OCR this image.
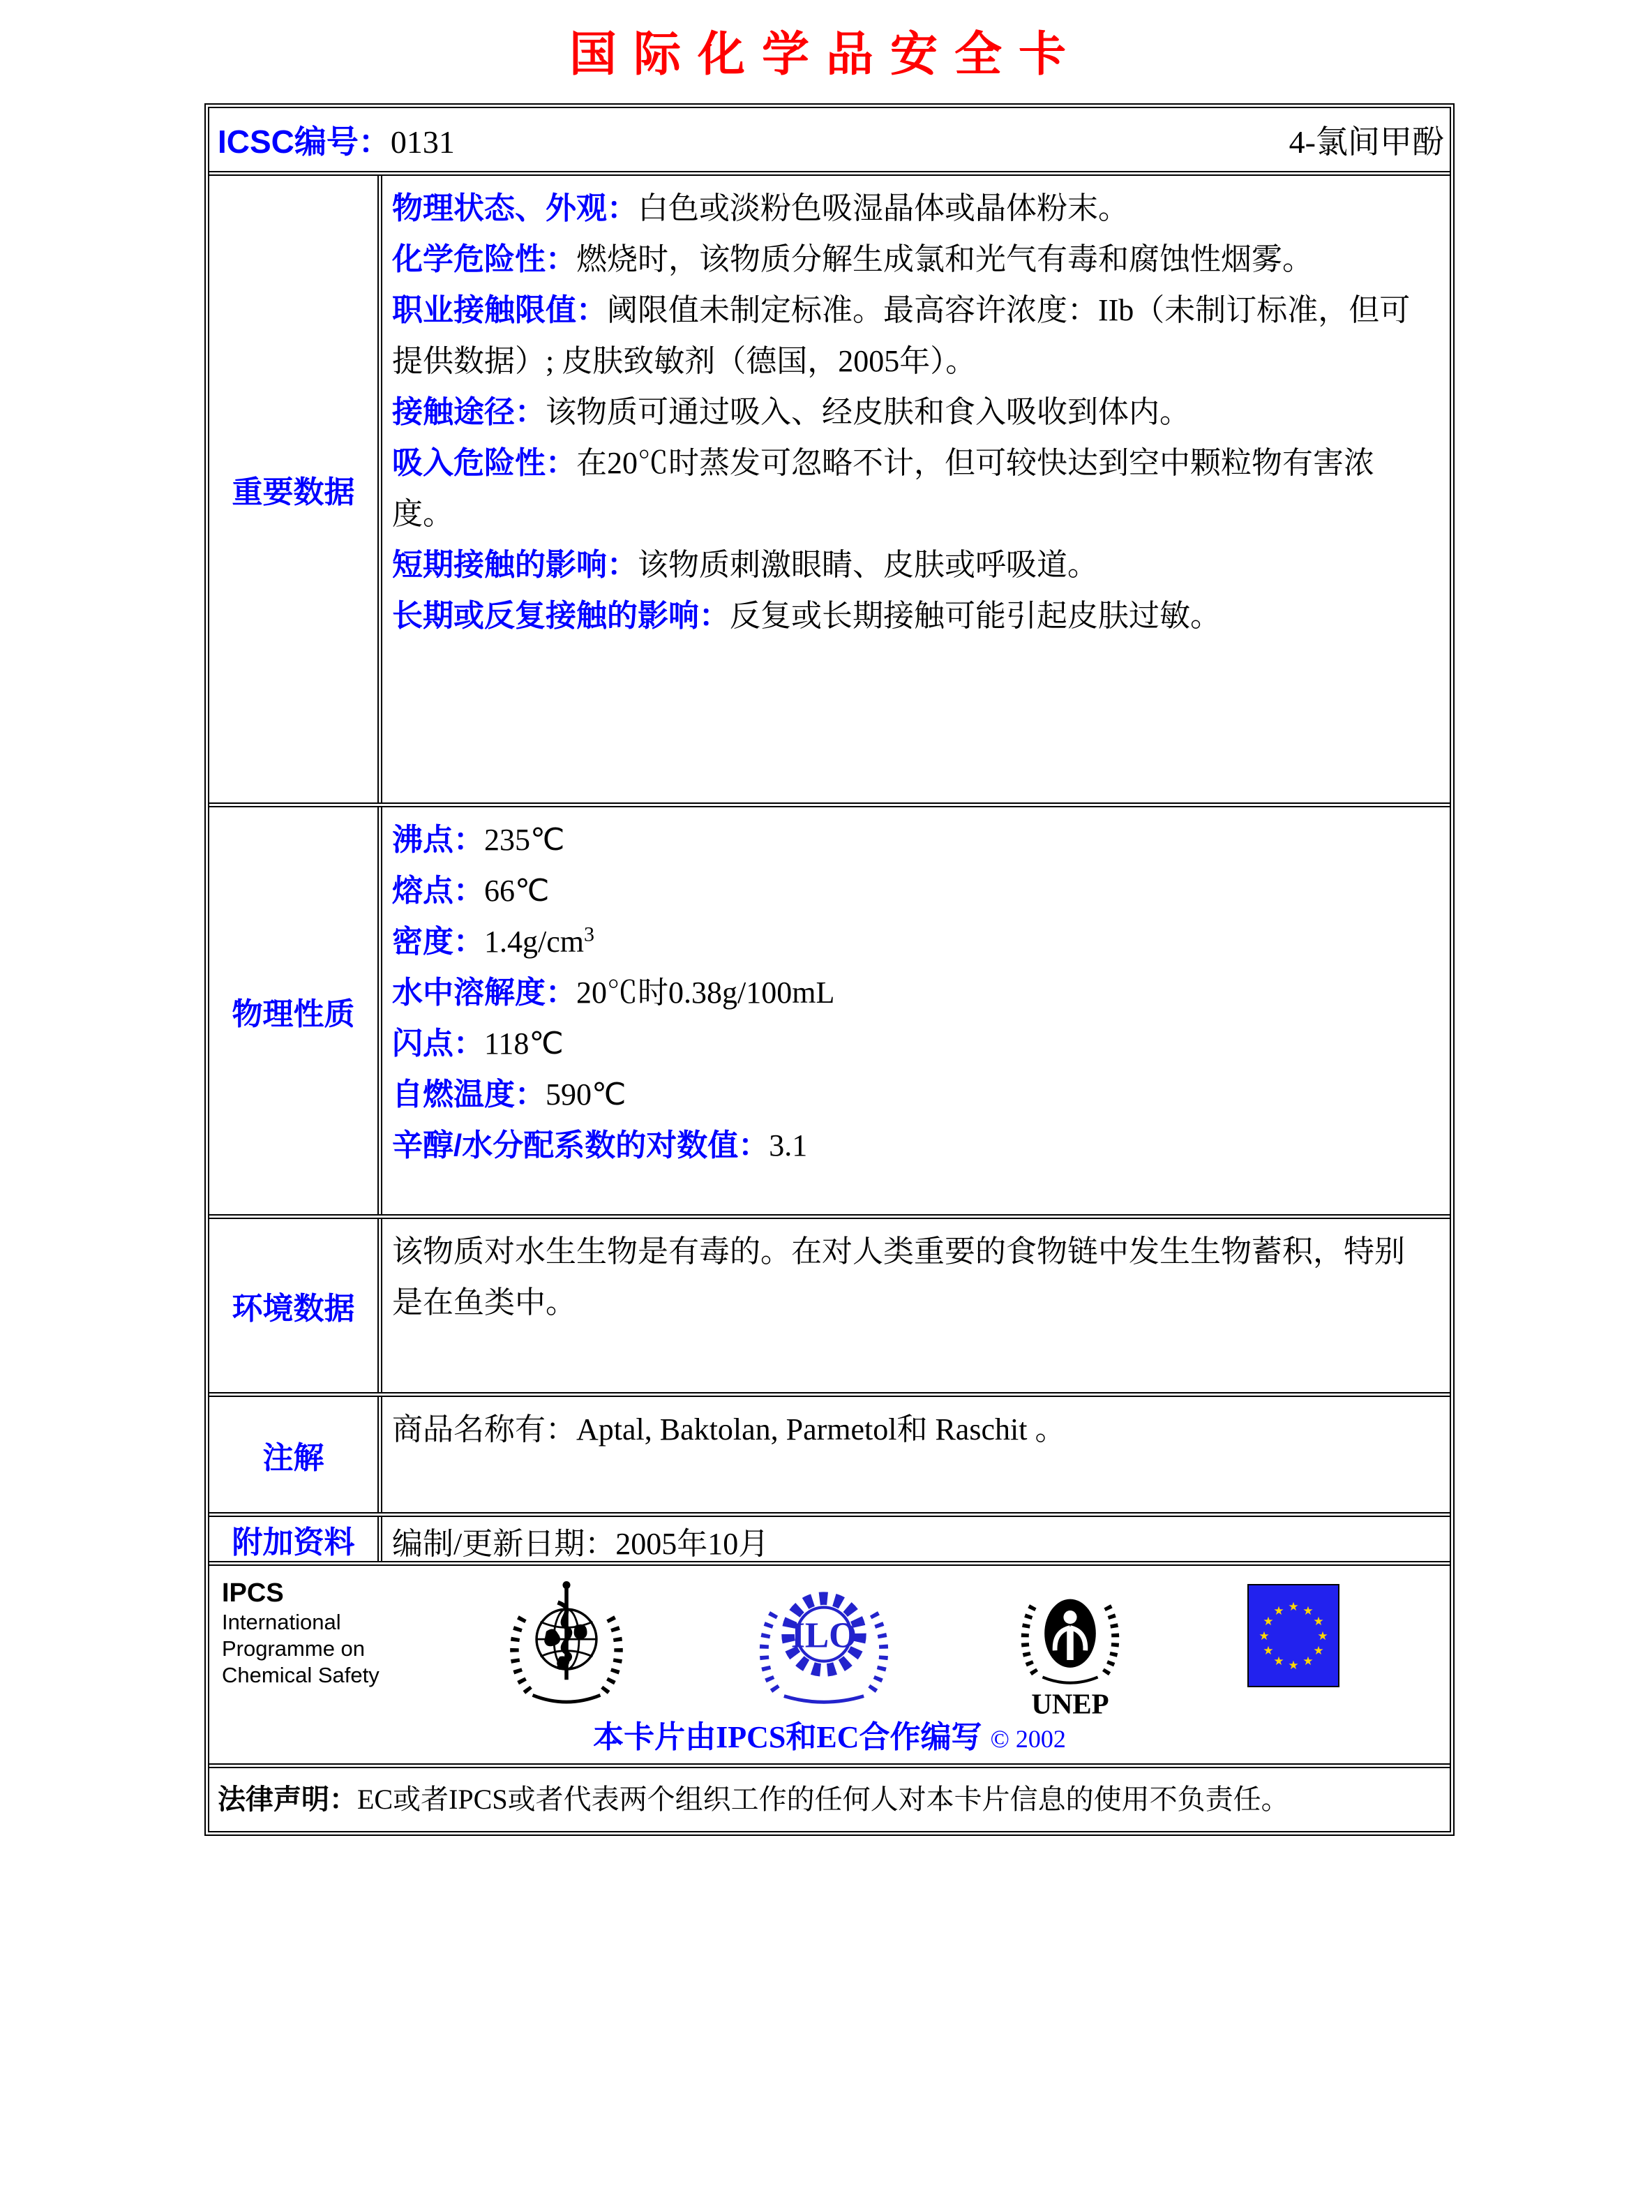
国际化学品安全卡
ICSC编号：0131	4-氯间甲酚
重要数据

物理状态、外观：白色或淡粉色吸湿晶体或晶体粉末。

化学危险性：燃烧时，该物质分解生成氯和光气有毒和腐蚀性烟雾。

职业接触限值：阈限值未制定标准。最高容许浓度：IIb（未制订标准，但可提供数据）; 皮肤致敏剂（德国，2005年）。

接触途径：该物质可通过吸入、经皮肤和食入吸收到体内。

吸入危险性：在20℃时蒸发可忽略不计，但可较快达到空中颗粒物有害浓度。

短期接触的影响：该物质刺激眼睛、皮肤或呼吸道。

长期或反复接触的影响：反复或长期接触可能引起皮肤过敏。

物理性质

沸点：235℃

熔点：66℃

密度：$1.4g/cm^3$

水中溶解度：20℃时0.38g/100mL

闪点：118℃

自燃温度：590℃

辛醇/水分配系数的对数值：3.1

环境数据

该物质对水生生物是有毒的。在对人类重要的食物链中发生生物蓄积，特别是在鱼类中。

注解

商品名称有：Aptal, Baktolan, Parmetol和 Raschit 。

附加资料	编制/更新日期：2005年10月

IPCS
International
Programme on
Chemical Safety
ILO
UNEP
★ ★
★
★
★
★
★
★
★
★
★
★
本卡片由IPCS和EC合作编写 © 2002
法律声明： EC或者IPCS或者代表两个组织工作的任何人对本卡片信息的使用不负责任。
